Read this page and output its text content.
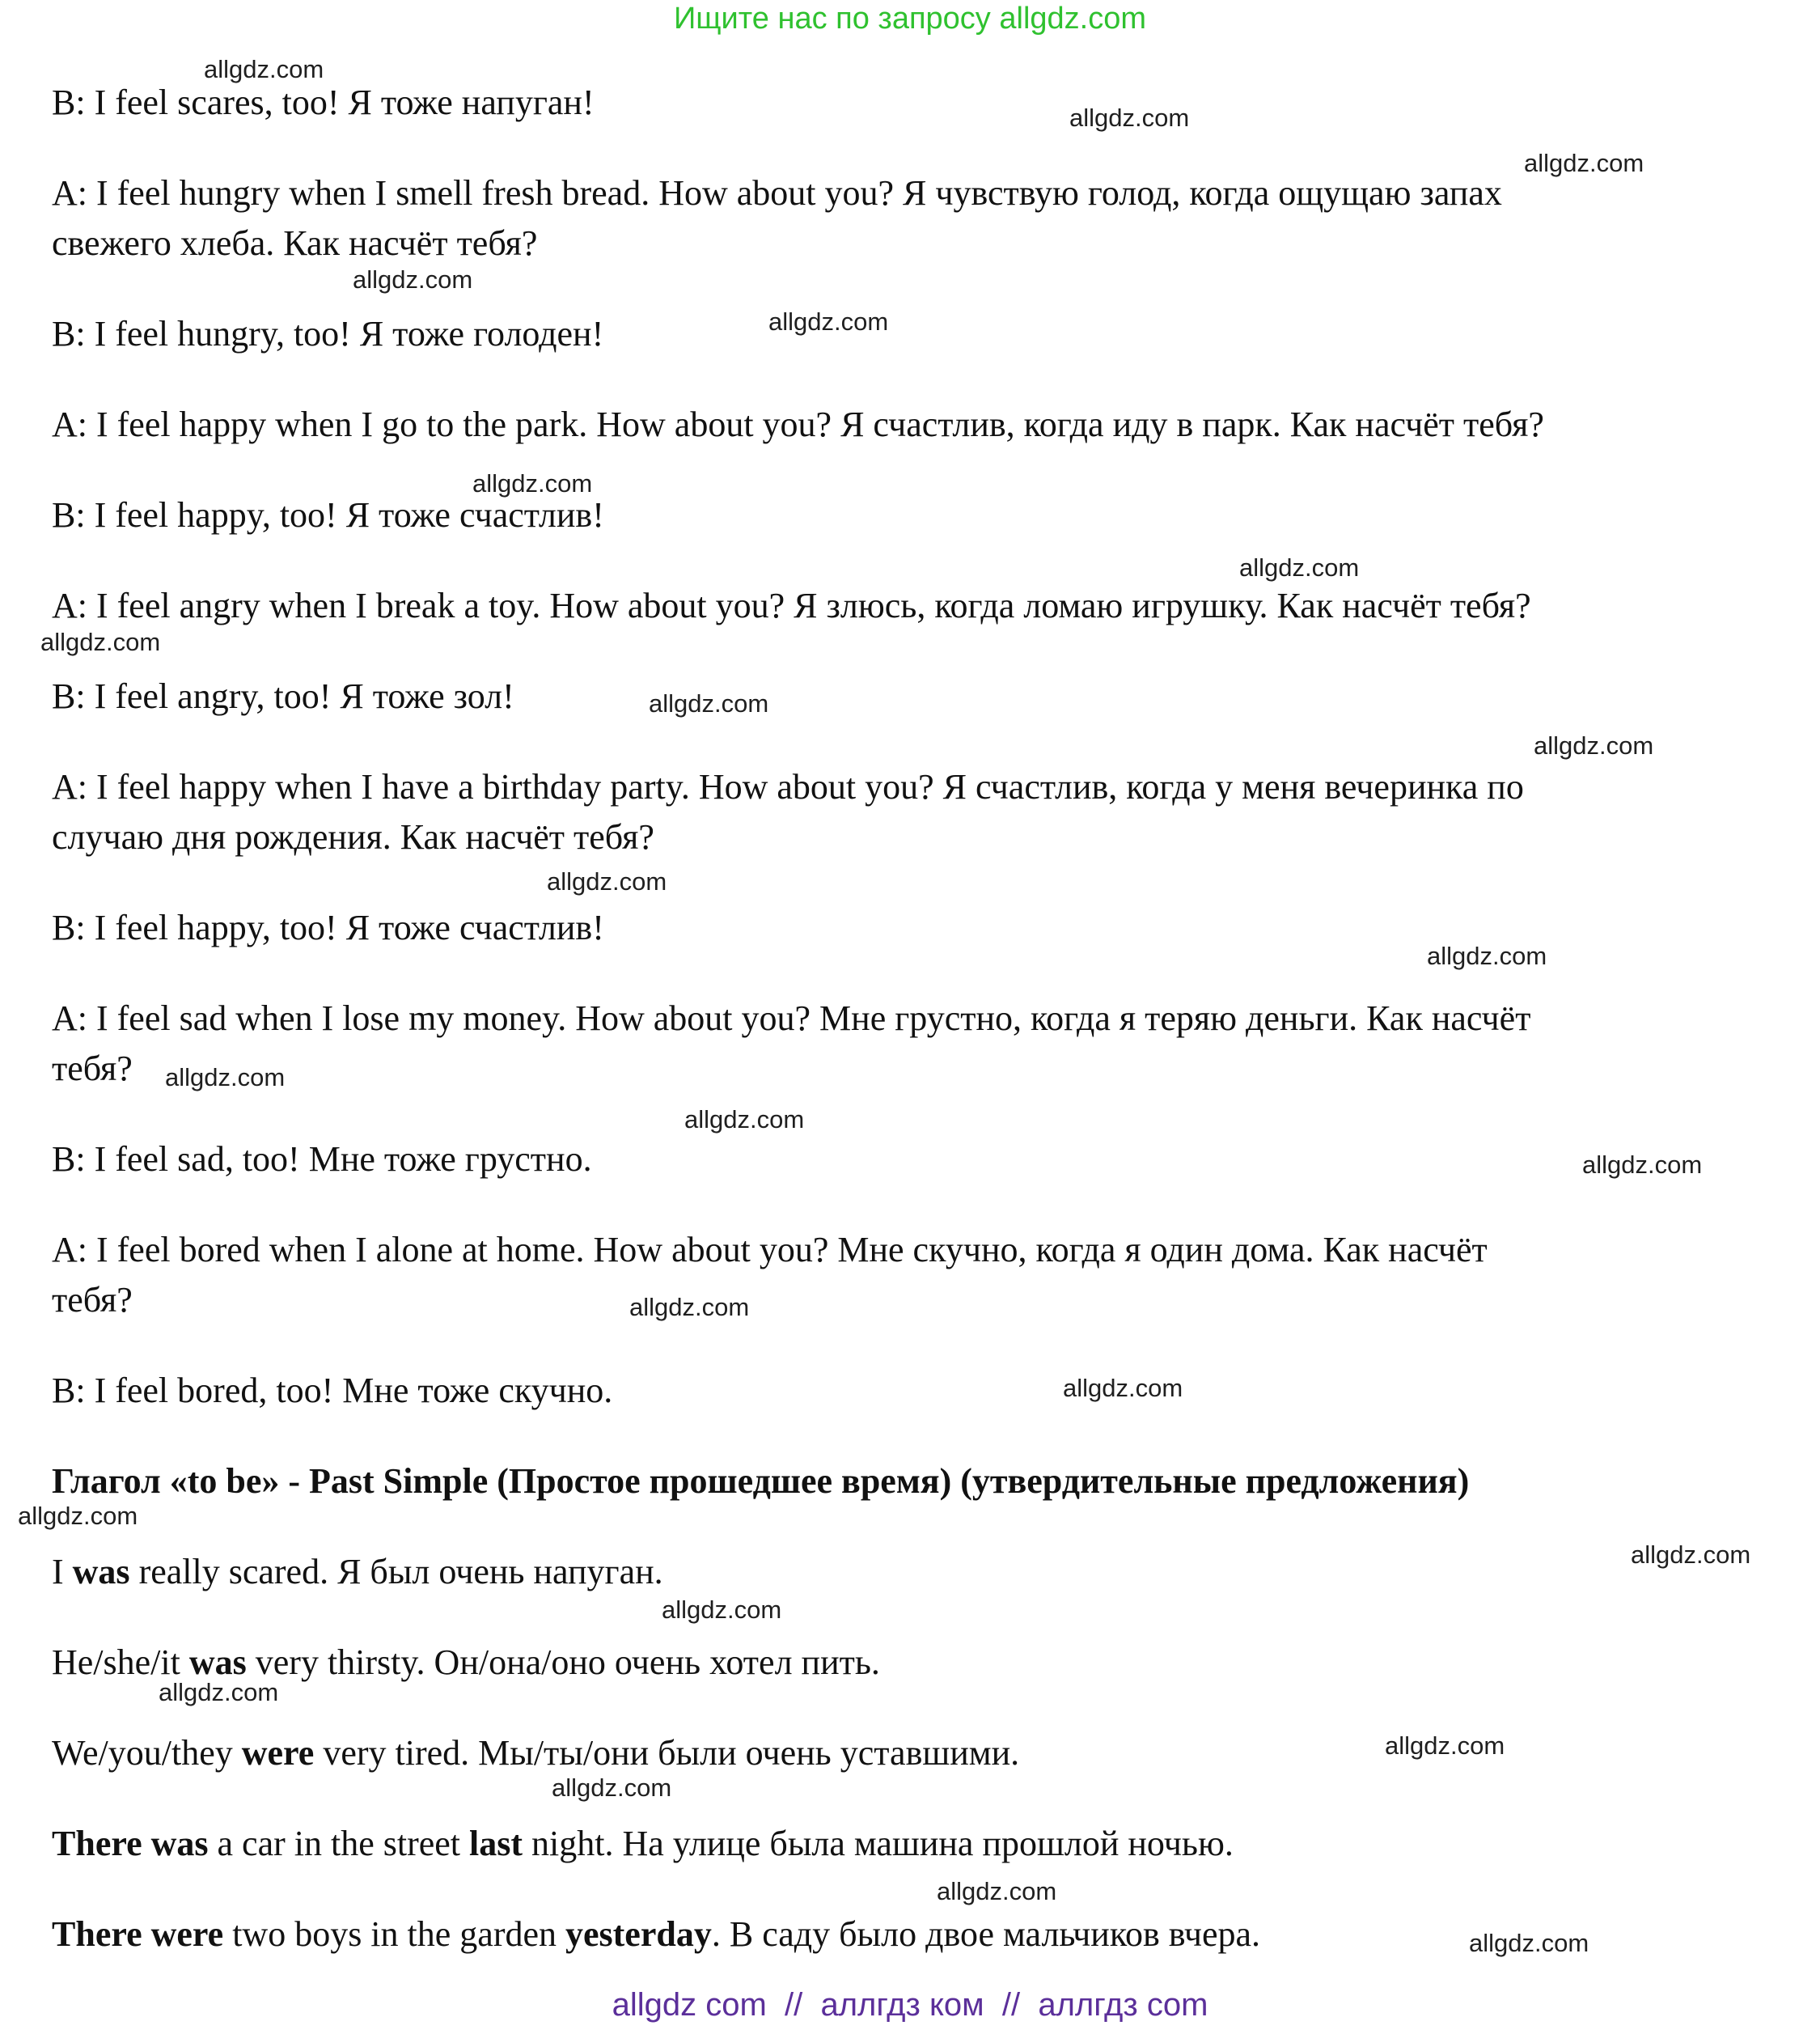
Ищите нас по запросу allgdz.com
B: I feel scares, too! Я тоже напуган!
A: I feel hungry when I smell fresh bread. How about you? Я чувствую голод, когда ощущаю запах
свежего хлеба. Как насчёт тебя?
B: I feel hungry, too! Я тоже голоден!
A: I feel happy when I go to the park. How about you? Я счастлив, когда иду в парк. Как насчёт тебя?
B: I feel happy, too! Я тоже счастлив!
A: I feel angry when I break a toy. How about you? Я злюсь, когда ломаю игрушку. Как насчёт тебя?
B: I feel angry, too! Я тоже зол!
A: I feel happy when I have a birthday party. How about you? Я счастлив, когда у меня вечеринка по
случаю дня рождения. Как насчёт тебя?
B: I feel happy, too! Я тоже счастлив!
A: I feel sad when I lose my money. How about you? Мне грустно, когда я теряю деньги. Как насчёт
тебя?
B: I feel sad, too! Мне тоже грустно.
A: I feel bored when I alone at home. How about you? Мне скучно, когда я один дома. Как насчёт
тебя?
B: I feel bored, too! Мне тоже скучно.
Глагол «to be» - Past Simple (Простое прошедшее время) (утвердительные предложения)
I was really scared. Я был очень напуган.
He/she/it was very thirsty. Он/она/оно очень хотел пить.
We/you/they were very tired. Мы/ты/они были очень уставшими.
There was a car in the street last night. На улице была машина прошлой ночью.
There were two boys in the garden yesterday. В саду было двое мальчиков вчера.
allgdz.com
allgdz.com
allgdz.com
allgdz.com
allgdz.com
allgdz.com
allgdz.com
allgdz.com
allgdz.com
allgdz.com
allgdz.com
allgdz.com
allgdz.com
allgdz.com
allgdz.com
allgdz.com
allgdz.com
allgdz.com
allgdz.com
allgdz.com
allgdz.com
allgdz.com
allgdz.com
allgdz.com
allgdz.com
allgdz com  //  аллгдз ком  //  аллгдз com
